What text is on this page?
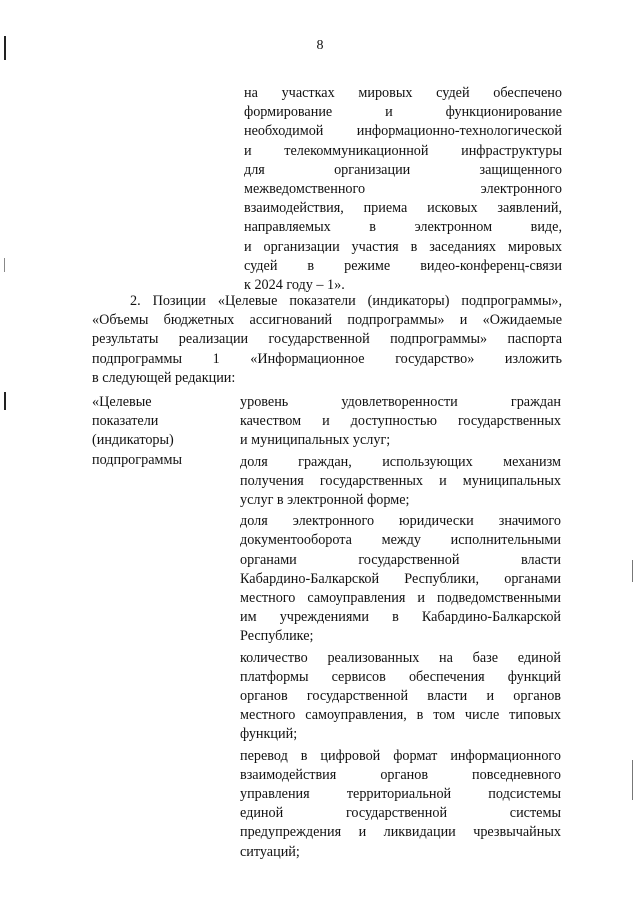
8
на участках мировых судей обеспечено
формирование и функционирование
необходимой информационно-технологической
и телекоммуникационной инфраструктуры
для организации защищенного
межведомственного электронного
взаимодействия, приема исковых заявлений,
направляемых в электронном виде,
и организации участия в заседаниях мировых
судей в режиме видео-конференц-связи
к 2024 году – 1».
2. Позиции «Целевые показатели (индикаторы) подпрограммы»,
«Объемы бюджетных ассигнований подпрограммы» и «Ожидаемые
результаты реализации государственной подпрограммы» паспорта
подпрограммы 1 «Информационное государство» изложить
в следующей редакции:
«Целевые
показатели
(индикаторы)
подпрограммы
уровень удовлетворенности граждан
качеством и доступностью государственных
и муниципальных услуг;
доля граждан, использующих механизм
получения государственных и муниципальных
услуг в электронной форме;
доля электронного юридически значимого
документооборота между исполнительными
органами государственной власти
Кабардино-Балкарской Республики, органами
местного самоуправления и подведомственными
им учреждениями в Кабардино-Балкарской
Республике;
количество реализованных на базе единой
платформы сервисов обеспечения функций
органов государственной власти и органов
местного самоуправления, в том числе типовых
функций;
перевод в цифровой формат информационного
взаимодействия органов повседневного
управления территориальной подсистемы
единой государственной системы
предупреждения и ликвидации чрезвычайных
ситуаций;
